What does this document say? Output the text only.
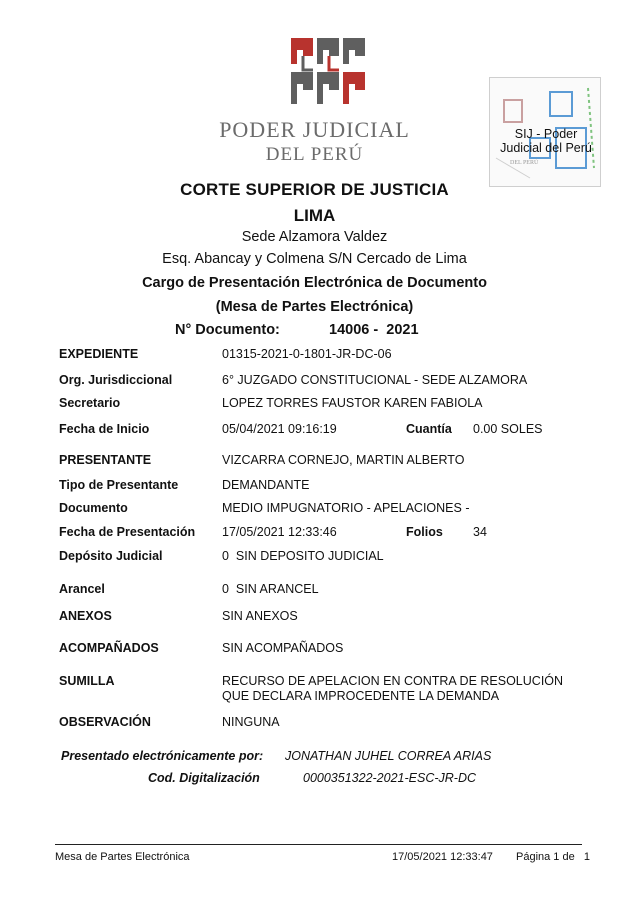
PODER JUDICIAL
DEL PERÚ	DEL PERÚ
SIJ - Poder Judicial del Perú
CORTE SUPERIOR DE JUSTICIA
LIMA
Sede Alzamora Valdez
Esq. Abancay y Colmena S/N Cercado de Lima
Cargo de Presentación Electrónica de Documento
(Mesa de Partes Electrónica)
N° Documento:	14006 -  2021
EXPEDIENTE	01315-2021-0-1801-JR-DC-06
Org. Jurisdiccional	6° JUZGADO CONSTITUCIONAL - SEDE ALZAMORA
Secretario	LOPEZ TORRES FAUSTOR KAREN FABIOLA
Fecha de Inicio	05/04/2021 09:16:19	Cuantía 0.00 SOLES
PRESENTANTE	VIZCARRA CORNEJO, MARTIN ALBERTO
Tipo de Presentante	DEMANDANTE
Documento	MEDIO IMPUGNATORIO - APELACIONES -
Fecha de Presentación 17/05/2021 12:33:46	Folios 34
Depósito Judicial	0  SIN DEPOSITO JUDICIAL
Arancel	0  SIN ARANCEL
ANEXOS	SIN ANEXOS
ACOMPAÑADOS	SIN ACOMPAÑADOS
SUMILLA	RECURSO DE APELACION EN CONTRA DE RESOLUCIÓN
QUE DECLARA IMPROCEDENTE LA DEMANDA
OBSERVACIÓN	NINGUNA
Presentado electrónicamente por: JONATHAN JUHEL CORREA ARIAS
Cod. Digitalización	0000351322-2021-ESC-JR-DC
Mesa de Partes Electrónica	17/05/2021 12:33:47 Página 1 de   1
